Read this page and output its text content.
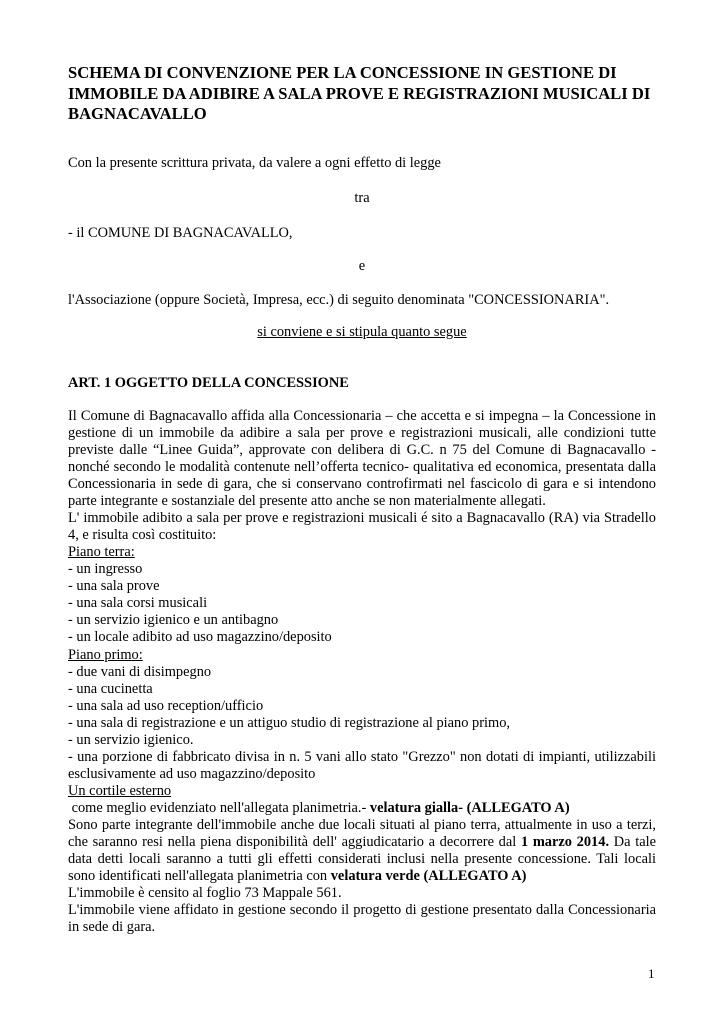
SCHEMA DI CONVENZIONE PER LA CONCESSIONE IN GESTIONE DI IMMOBILE DA ADIBIRE A SALA PROVE E REGISTRAZIONI MUSICALI DI BAGNACAVALLO
Con la presente scrittura privata, da valere a ogni effetto di legge
tra
- il COMUNE DI BAGNACAVALLO,
e
l'Associazione (oppure Società, Impresa, ecc.) di seguito denominata "CONCESSIONARIA".
si conviene e si stipula quanto segue
ART. 1 OGGETTO DELLA CONCESSIONE

Il Comune di Bagnacavallo affida alla Concessionaria – che accetta e si impegna – la Concessione in gestione di un immobile da adibire a sala per prove e registrazioni musicali, alle condizioni tutte previste dalle “Linee Guida”, approvate con delibera di G.C. n 75 del Comune di Bagnacavallo - nonché secondo le modalità contenute nell’offerta tecnico- qualitativa ed economica, presentata dalla Concessionaria in sede di gara, che si conservano controfirmati nel fascicolo di gara e si intendono parte integrante e sostanziale del presente atto anche se non materialmente allegati.

L' immobile adibito a sala per prove e registrazioni musicali é sito a Bagnacavallo (RA) via Stradello 4, e risulta così costituito:

Piano terra:
- un ingresso
- una sala prove
- una sala corsi musicali
- un servizio igienico e un antibagno
- un locale adibito ad uso magazzino/deposito
Piano primo:
- due vani di disimpegno
- una cucinetta
- una sala ad uso reception/ufficio
- una sala di registrazione e un attiguo studio di registrazione al piano primo,
- un servizio igienico.

- una porzione di fabbricato divisa in n. 5 vani allo stato "Grezzo" non dotati di impianti, utilizzabili esclusivamente ad uso magazzino/deposito

Un cortile esterno
come meglio evidenziato nell'allegata planimetria.- velatura gialla- (ALLEGATO A)

Sono parte integrante dell'immobile anche due locali situati al piano terra, attualmente in uso a terzi, che saranno resi nella piena disponibilità dell' aggiudicatario a decorrere dal 1 marzo 2014. Da tale data detti locali saranno a tutti gli effetti considerati inclusi nella presente concessione. Tali locali sono identificati nell'allegata planimetria con velatura verde (ALLEGATO A)

L'immobile è censito al foglio 73 Mappale 561.

L'immobile viene affidato in gestione secondo il progetto di gestione presentato dalla Concessionaria in sede di gara.

1
